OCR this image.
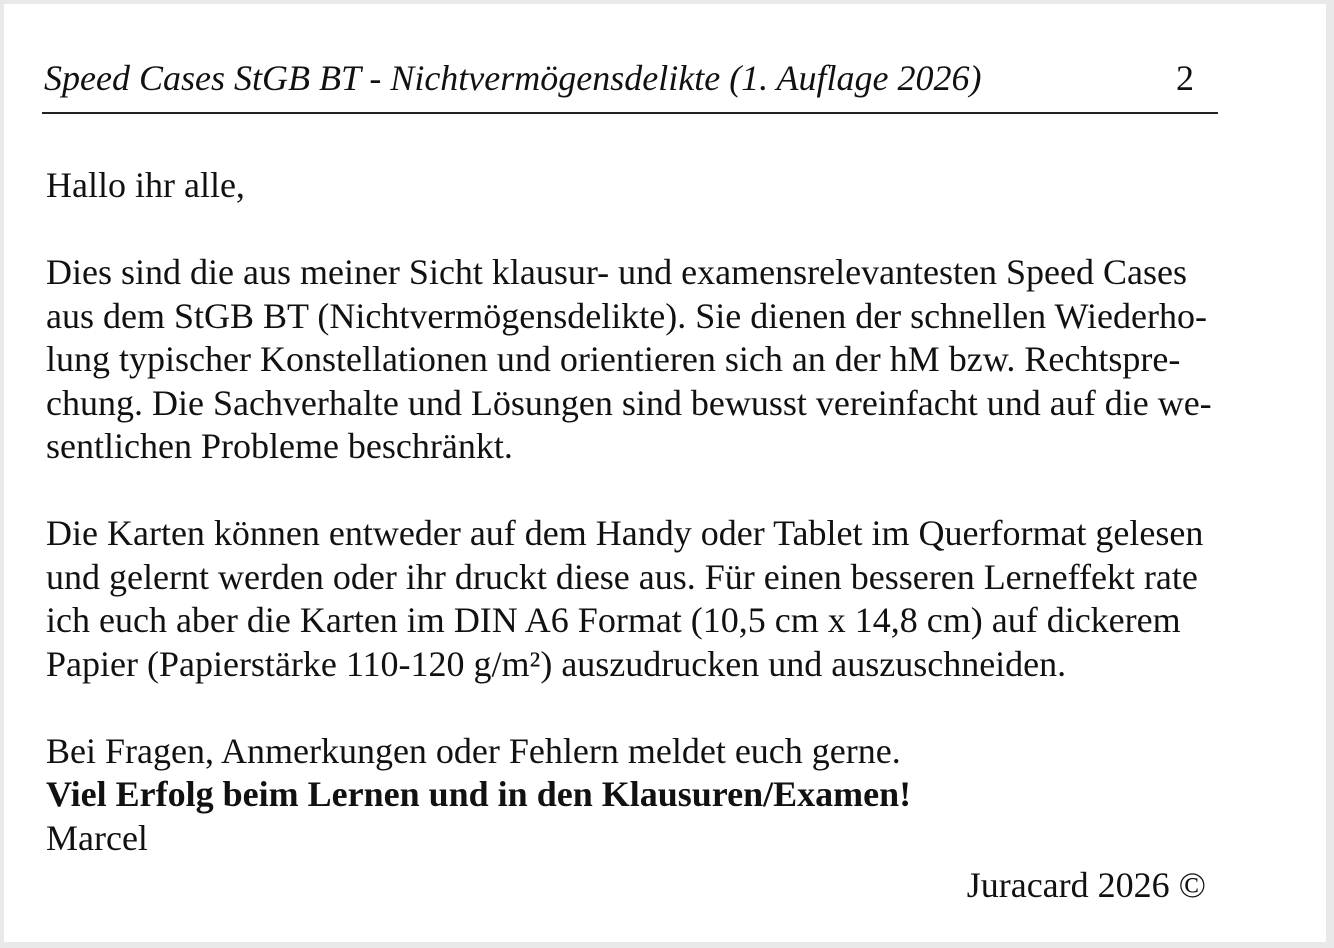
Speed Cases StGB BT - Nichtvermögensdelikte (1. Auflage 2026)	2

Hallo ihr alle,

Dies sind die aus meiner Sicht klausur- und examensrelevantesten Speed Cases

aus dem StGB BT (Nichtvermögensdelikte). Sie dienen der schnellen Wiederho-

lung typischer Konstellationen und orientieren sich an der hM bzw. Rechtspre-

chung. Die Sachverhalte und Lösungen sind bewusst vereinfacht und auf die we-

sentlichen Probleme beschränkt.

Die Karten können entweder auf dem Handy oder Tablet im Querformat gelesen

und gelernt werden oder ihr druckt diese aus. Für einen besseren Lerneffekt rate

ich euch aber die Karten im DIN A6 Format (10,5 cm x 14,8 cm) auf dickerem

Papier (Papierstärke 110-120 g/m²) auszudrucken und auszuschneiden.

Bei Fragen, Anmerkungen oder Fehlern meldet euch gerne.

Viel Erfolg beim Lernen und in den Klausuren/Examen!

Marcel

Juracard 2026 ©
